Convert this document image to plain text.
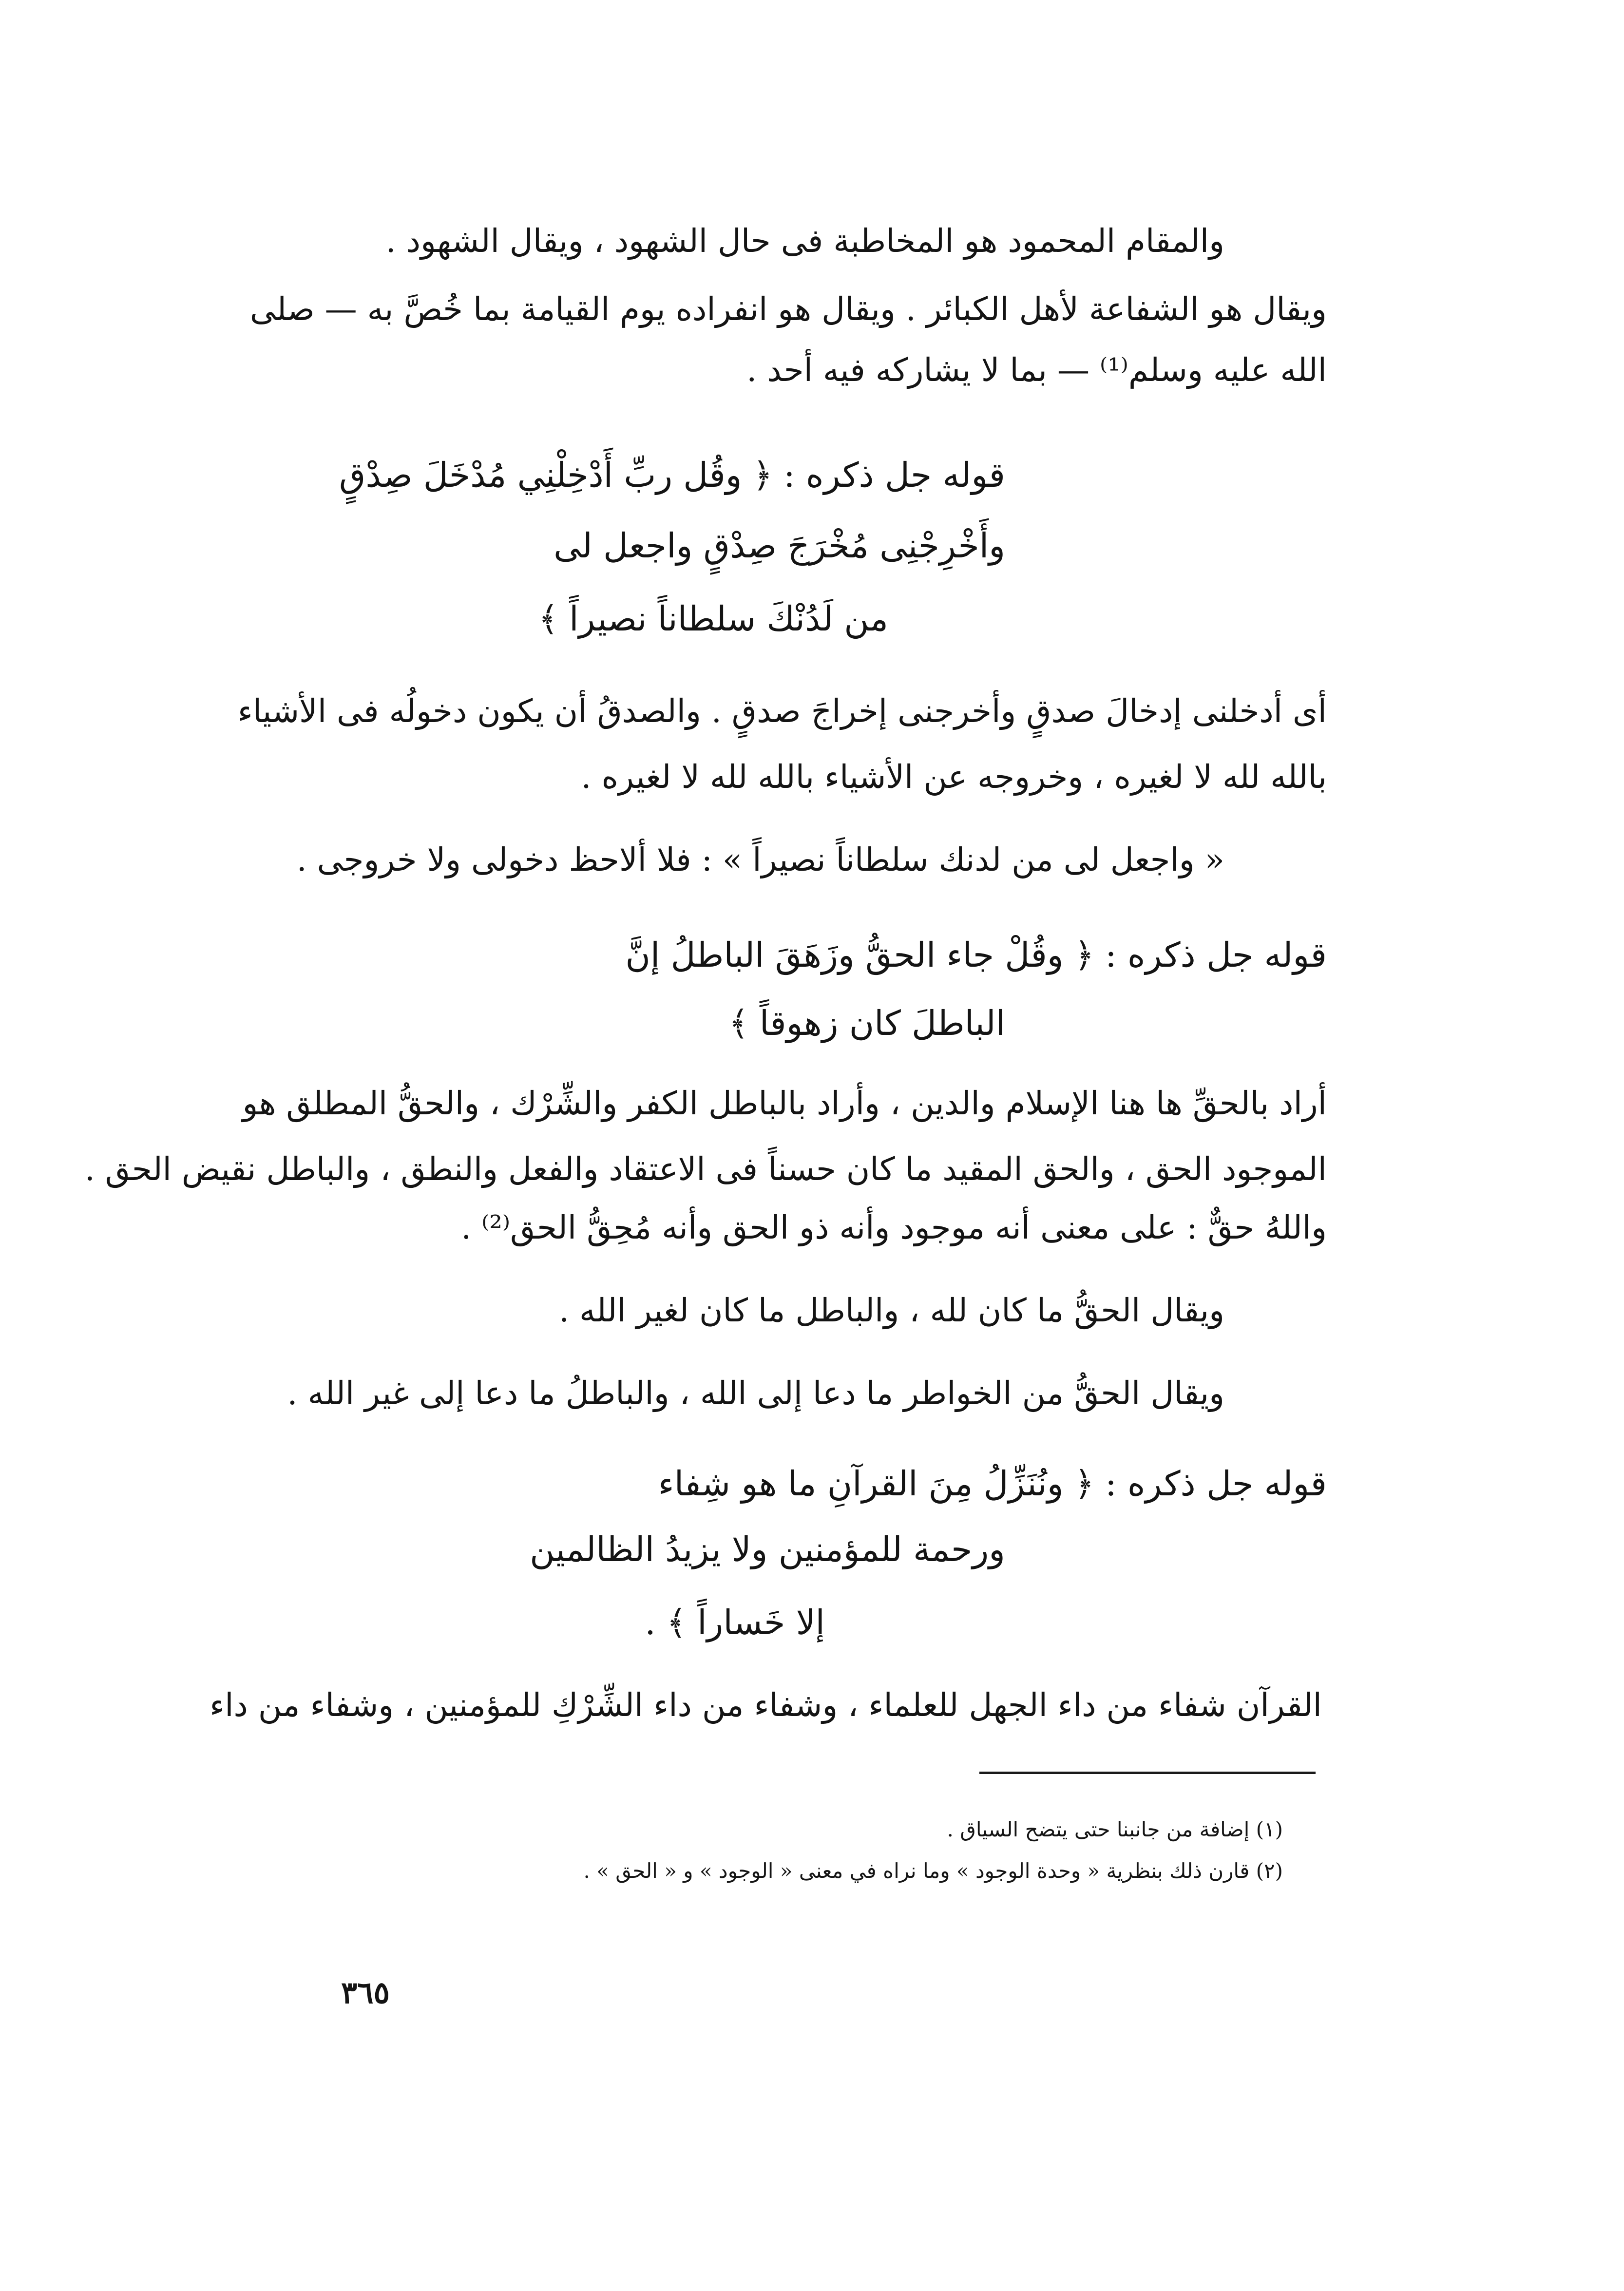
والمقام المحمود هو المخاطبة فى حال الشهود ، ويقال الشهود .
ويقال هو الشفاعة لأهل الكبائر . ويقال هو انفراده يوم القيامة بما خُصَّ به — صلى
الله عليه وسلم⁽¹⁾ — بما لا يشاركه فيه أحد .
قوله جل ذكره : ﴿ وقُل ربِّ أَدْخِلْنِي مُدْخَلَ صِدْقٍ
وأَخْرِجْنِى مُخْرَجَ صِدْقٍ واجعل لى
من لَدُنْكَ سلطاناً نصيراً ﴾
أى أدخلنى إدخالَ صدقٍ وأخرجنى إخراجَ صدقٍ . والصدقُ أن يكون دخولُه فى الأشياء
بالله لله لا لغيره ، وخروجه عن الأشياء بالله لله لا لغيره .
« واجعل لى من لدنك سلطاناً نصيراً » : فلا ألاحظ دخولى ولا خروجى .
قوله جل ذكره : ﴿ وقُلْ جاء الحقُّ وزَهَقَ الباطلُ إنَّ
الباطلَ كان زهوقاً ﴾
أراد بالحقِّ ها هنا الإسلام والدين ، وأراد بالباطل الكفر والشِّرْك ، والحقُّ المطلق هو
الموجود الحق ، والحق المقيد ما كان حسناً فى الاعتقاد والفعل والنطق ، والباطل نقيض الحق .
واللهُ حقٌّ : على معنى أنه موجود وأنه ذو الحق وأنه مُحِقُّ الحق⁽²⁾ .
ويقال الحقُّ ما كان لله ، والباطل ما كان لغير الله .
ويقال الحقُّ من الخواطر ما دعا إلى الله ، والباطلُ ما دعا إلى غير الله .
قوله جل ذكره : ﴿ ونُنَزِّلُ مِنَ القرآنِ ما هو شِفاء
ورحمة للمؤمنين ولا يزيدُ الظالمين
إلا خَساراً ﴾ .
القرآن شفاء من داء الجهل للعلماء ، وشفاء من داء الشِّرْكِ للمؤمنين ، وشفاء من داء
(١) إضافة من جانبنا حتى يتضح السياق .
(٢) قارن ذلك بنظرية « وحدة الوجود » وما نراه في معنى « الوجود » و « الحق » .
٣٦٥
